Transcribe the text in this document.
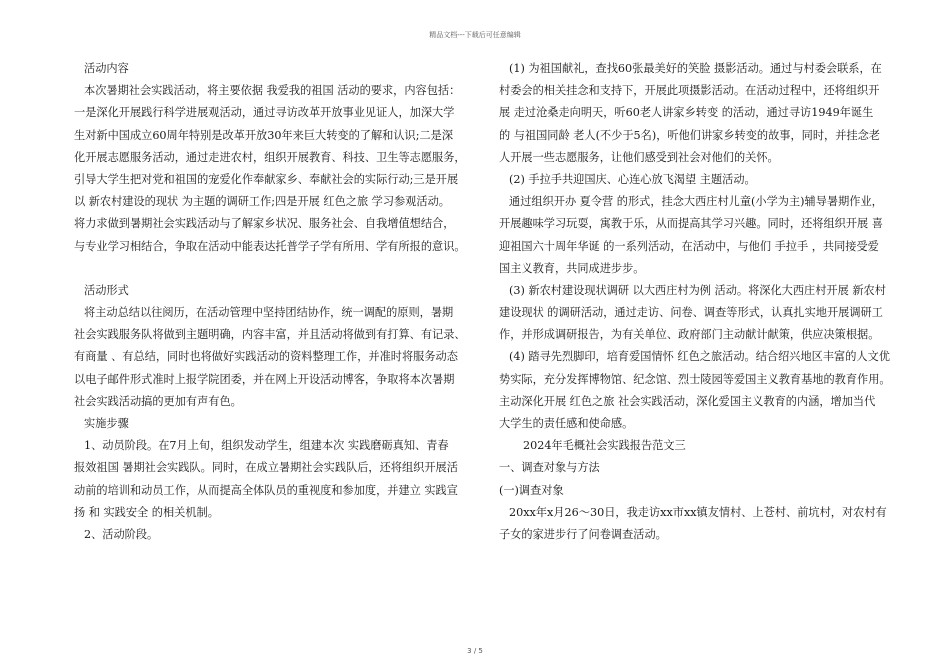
精品文档---下载后可任意编辑
活动内容
本次暑期社会实践活动，将主要依据 我爱我的祖国 活动的要求，内容包括：
一是深化开展践行科学进展观活动，通过寻访改革开放事业见证人，加深大学
生对新中国成立60周年特别是改革开放30年来巨大转变的了解和认识;二是深
化开展志愿服务活动，通过走进农村，组织开展教育、科技、卫生等志愿服务，
引导大学生把对党和祖国的宠爱化作奉献家乡、奉献社会的实际行动;三是开展
以 新农村建设的现状 为主题的调研工作;四是开展 红色之旅 学习参观活动。
将力求做到暑期社会实践活动与了解家乡状况、服务社会、自我增值想结合，
与专业学习相结合，争取在活动中能表达托普学子学有所用、学有所报的意识。
活动形式
将主动总结以往阅历，在活动管理中坚持团结协作，统一调配的原则，暑期
社会实践服务队将做到主题明确，内容丰富，并且活动将做到有打算、有记录、
有商量 、有总结，同时也将做好实践活动的资料整理工作，并准时将服务动态
以电子邮件形式准时上报学院团委，并在网上开设活动博客，争取将本次暑期
社会实践活动搞的更加有声有色。
实施步骤
1、动员阶段。在7月上旬，组织发动学生，组建本次 实践磨砺真知、青春
报效祖国 暑期社会实践队。同时，在成立暑期社会实践队后，还将组织开展活
动前的培训和动员工作，从而提高全体队员的重视度和参加度，并建立 实践宣
扬 和 实践安全 的相关机制。
2、活动阶段。
(1) 为祖国献礼，查找60张最美好的笑脸 摄影活动。通过与村委会联系，在
村委会的相关挂念和支持下，开展此项摄影活动。在活动过程中，还将组织开
展 走过沧桑走向明天，听60老人讲家乡转变 的活动，通过寻访1949年诞生
的 与祖国同龄 老人(不少于5名)，听他们讲家乡转变的故事，同时，并挂念老
人开展一些志愿服务，让他们感受到社会对他们的关怀。
(2) 手拉手共迎国庆、心连心放飞渴望 主题活动。
通过组织开办 夏令营 的形式，挂念大西庄村儿童(小学为主)辅导暑期作业，
开展趣味学习玩耍，寓教于乐，从而提高其学习兴趣。同时，还将组织开展 喜
迎祖国六十周年华诞 的一系列活动，在活动中，与他们 手拉手 ，共同接受爱
国主义教育，共同成进步步。
(3) 新农村建设现状调研 以大西庄村为例 活动。将深化大西庄村开展 新农村
建设现状 的调研活动，通过走访、问卷、调查等形式，认真扎实地开展调研工
作，并形成调研报告，为有关单位、政府部门主动献计献策，供应决策根据。
(4) 踏寻先烈脚印，培育爱国情怀 红色之旅活动。结合绍兴地区丰富的人文优
势实际，充分发挥博物馆、纪念馆、烈士陵园等爱国主义教育基地的教育作用。
主动深化开展 红色之旅 社会实践活动，深化爱国主义教育的内涵，增加当代
大学生的责任感和使命感。
2024年毛概社会实践报告范文三
一、调查对象与方法
(一)调查对象
20xx年x月26～30日，我走访xx市xx镇友情村、上苍村、前坑村，对农村有
子女的家进步行了问卷调查活动。
3 / 5
